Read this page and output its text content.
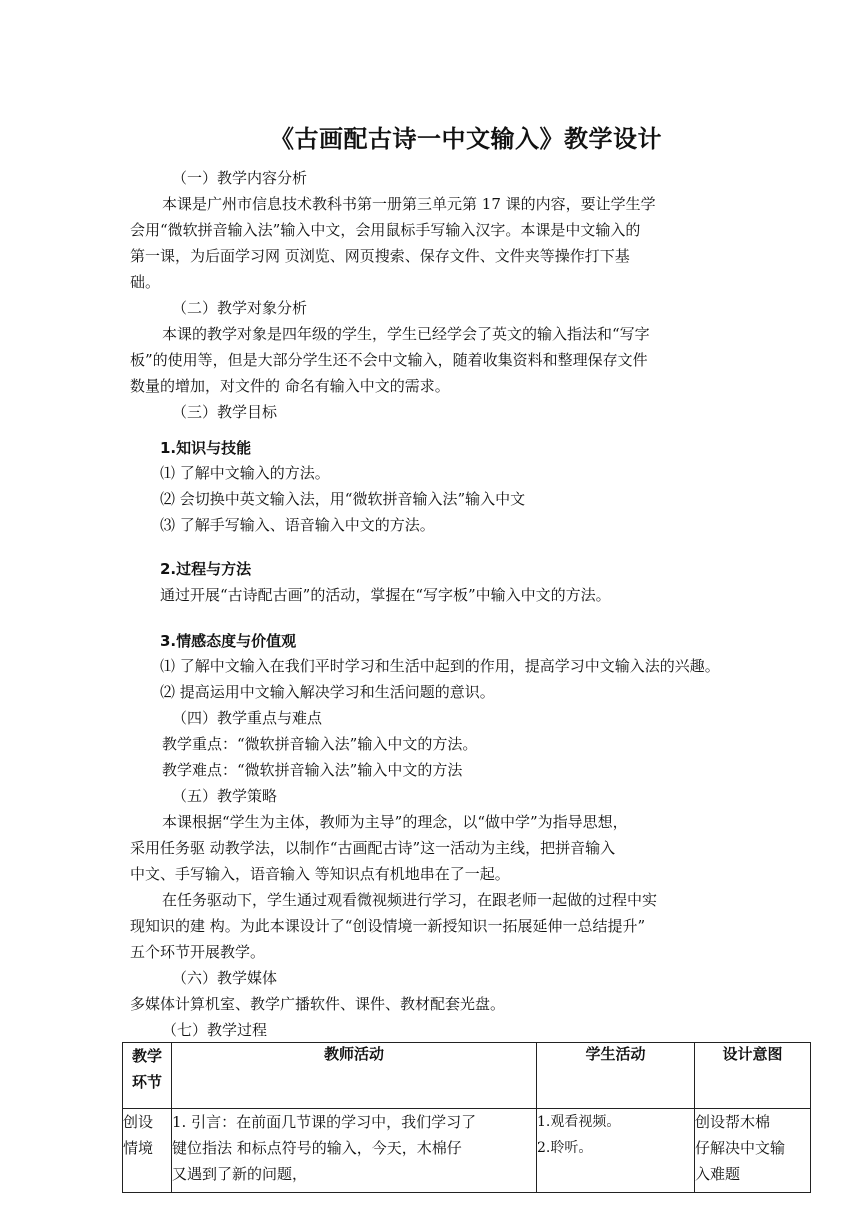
《古画配古诗一中文输入》教学设计
（一）教学内容分析
本课是广州市信息技术教科书第一册第三单元第 17 课的内容，要让学生学
会用“微软拼音输入法”输入中文，会用鼠标手写输入汉字。本课是中文输入的
第一课，为后面学习网 页浏览、网页搜索、保存文件、文件夹等操作打下基
础。
（二）教学对象分析
本课的教学对象是四年级的学生，学生已经学会了英文的输入指法和“写字
板”的使用等，但是大部分学生还不会中文输入，随着收集资料和整理保存文件
数量的增加，对文件的 命名有输入中文的需求。
（三）教学目标
1.知识与技能
⑴ 了解中文输入的方法。
⑵ 会切换中英文输入法，用“微软拼音输入法”输入中文
⑶ 了解手写输入、语音输入中文的方法。
2.过程与方法
通过开展“古诗配古画”的活动，掌握在“写字板”中输入中文的方法。
3.情感态度与价值观
⑴ 了解中文输入在我们平时学习和生活中起到的作用，提高学习中文输入法的兴趣。
⑵ 提高运用中文输入解决学习和生活问题的意识。
（四）教学重点与难点
教学重点：“微软拼音输入法”输入中文的方法。
教学难点：“微软拼音输入法”输入中文的方法
（五）教学策略
本课根据“学生为主体，教师为主导”的理念，以“做中学”为指导思想，
采用任务驱 动教学法，以制作“古画配古诗”这一活动为主线，把拼音输入
中文、手写输入，语音输入 等知识点有机地串在了一起。
在任务驱动下，学生通过观看微视频进行学习，在跟老师一起做的过程中实
现知识的建 构。为此本课设计了“创设情境一新授知识一拓展延伸一总结提升”
五个环节开展教学。
（六）教学媒体
多媒体计算机室、教学广播软件、课件、教材配套光盘。
（七）教学过程
教学
环节	教师活动	学生活动	设计意图
创设
情境	1. 引言：在前面几节课的学习中，我们学习了
键位指法 和标点符号的输入，今天，木棉仔
又遇到了新的问题，	1.观看视频。
2.聆听。	创设帮木棉
仔解决中文输
入难题
